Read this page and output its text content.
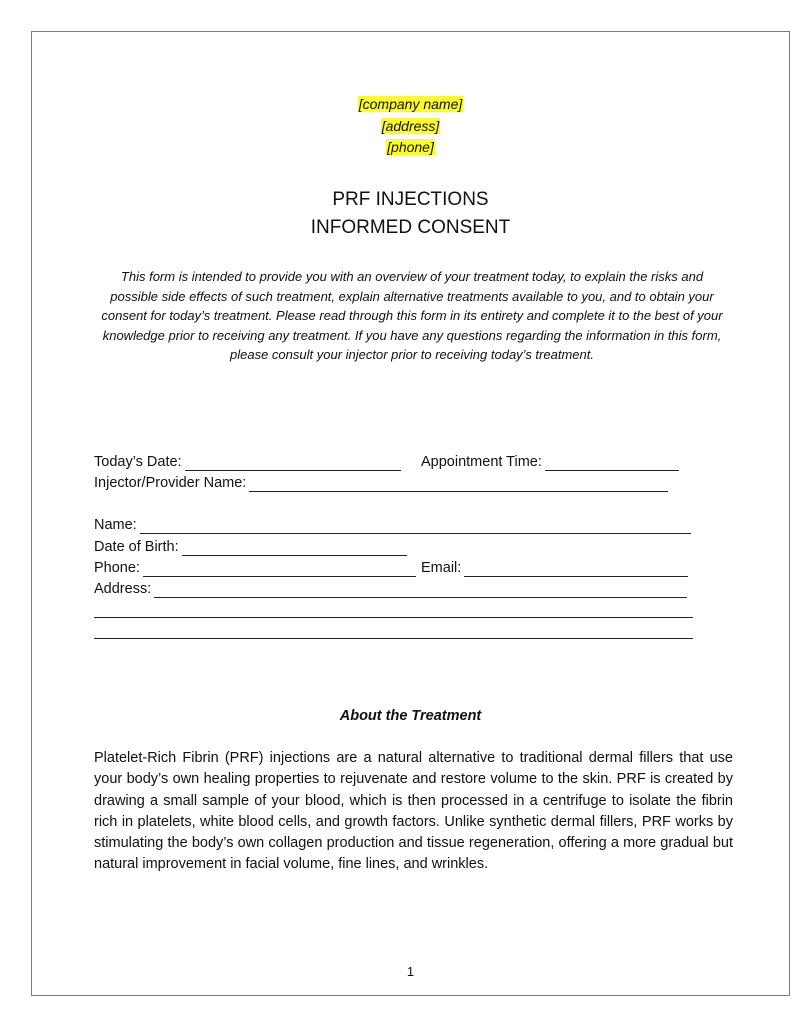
[company name]
[address]
[phone]
PRF INJECTIONS
INFORMED CONSENT
This form is intended to provide you with an overview of your treatment today, to explain the risks and possible side effects of such treatment, explain alternative treatments available to you, and to obtain your consent for today’s treatment. Please read through this form in its entirety and complete it to the best of your knowledge prior to receiving any treatment. If you have any questions regarding the information in this form, please consult your injector prior to receiving today’s treatment.
Today’s Date:	Appointment Time:
Injector/Provider Name:
Name:
Date of Birth:
Phone:	Email:
Address:
About the Treatment
Platelet-Rich Fibrin (PRF) injections are a natural alternative to traditional dermal fillers that use your body’s own healing properties to rejuvenate and restore volume to the skin. PRF is created by drawing a small sample of your blood, which is then processed in a centrifuge to isolate the fibrin rich in platelets, white blood cells, and growth factors. Unlike synthetic dermal fillers, PRF works by stimulating the body’s own collagen production and tissue regeneration, offering a more gradual but natural improvement in facial volume, fine lines, and wrinkles.
1
